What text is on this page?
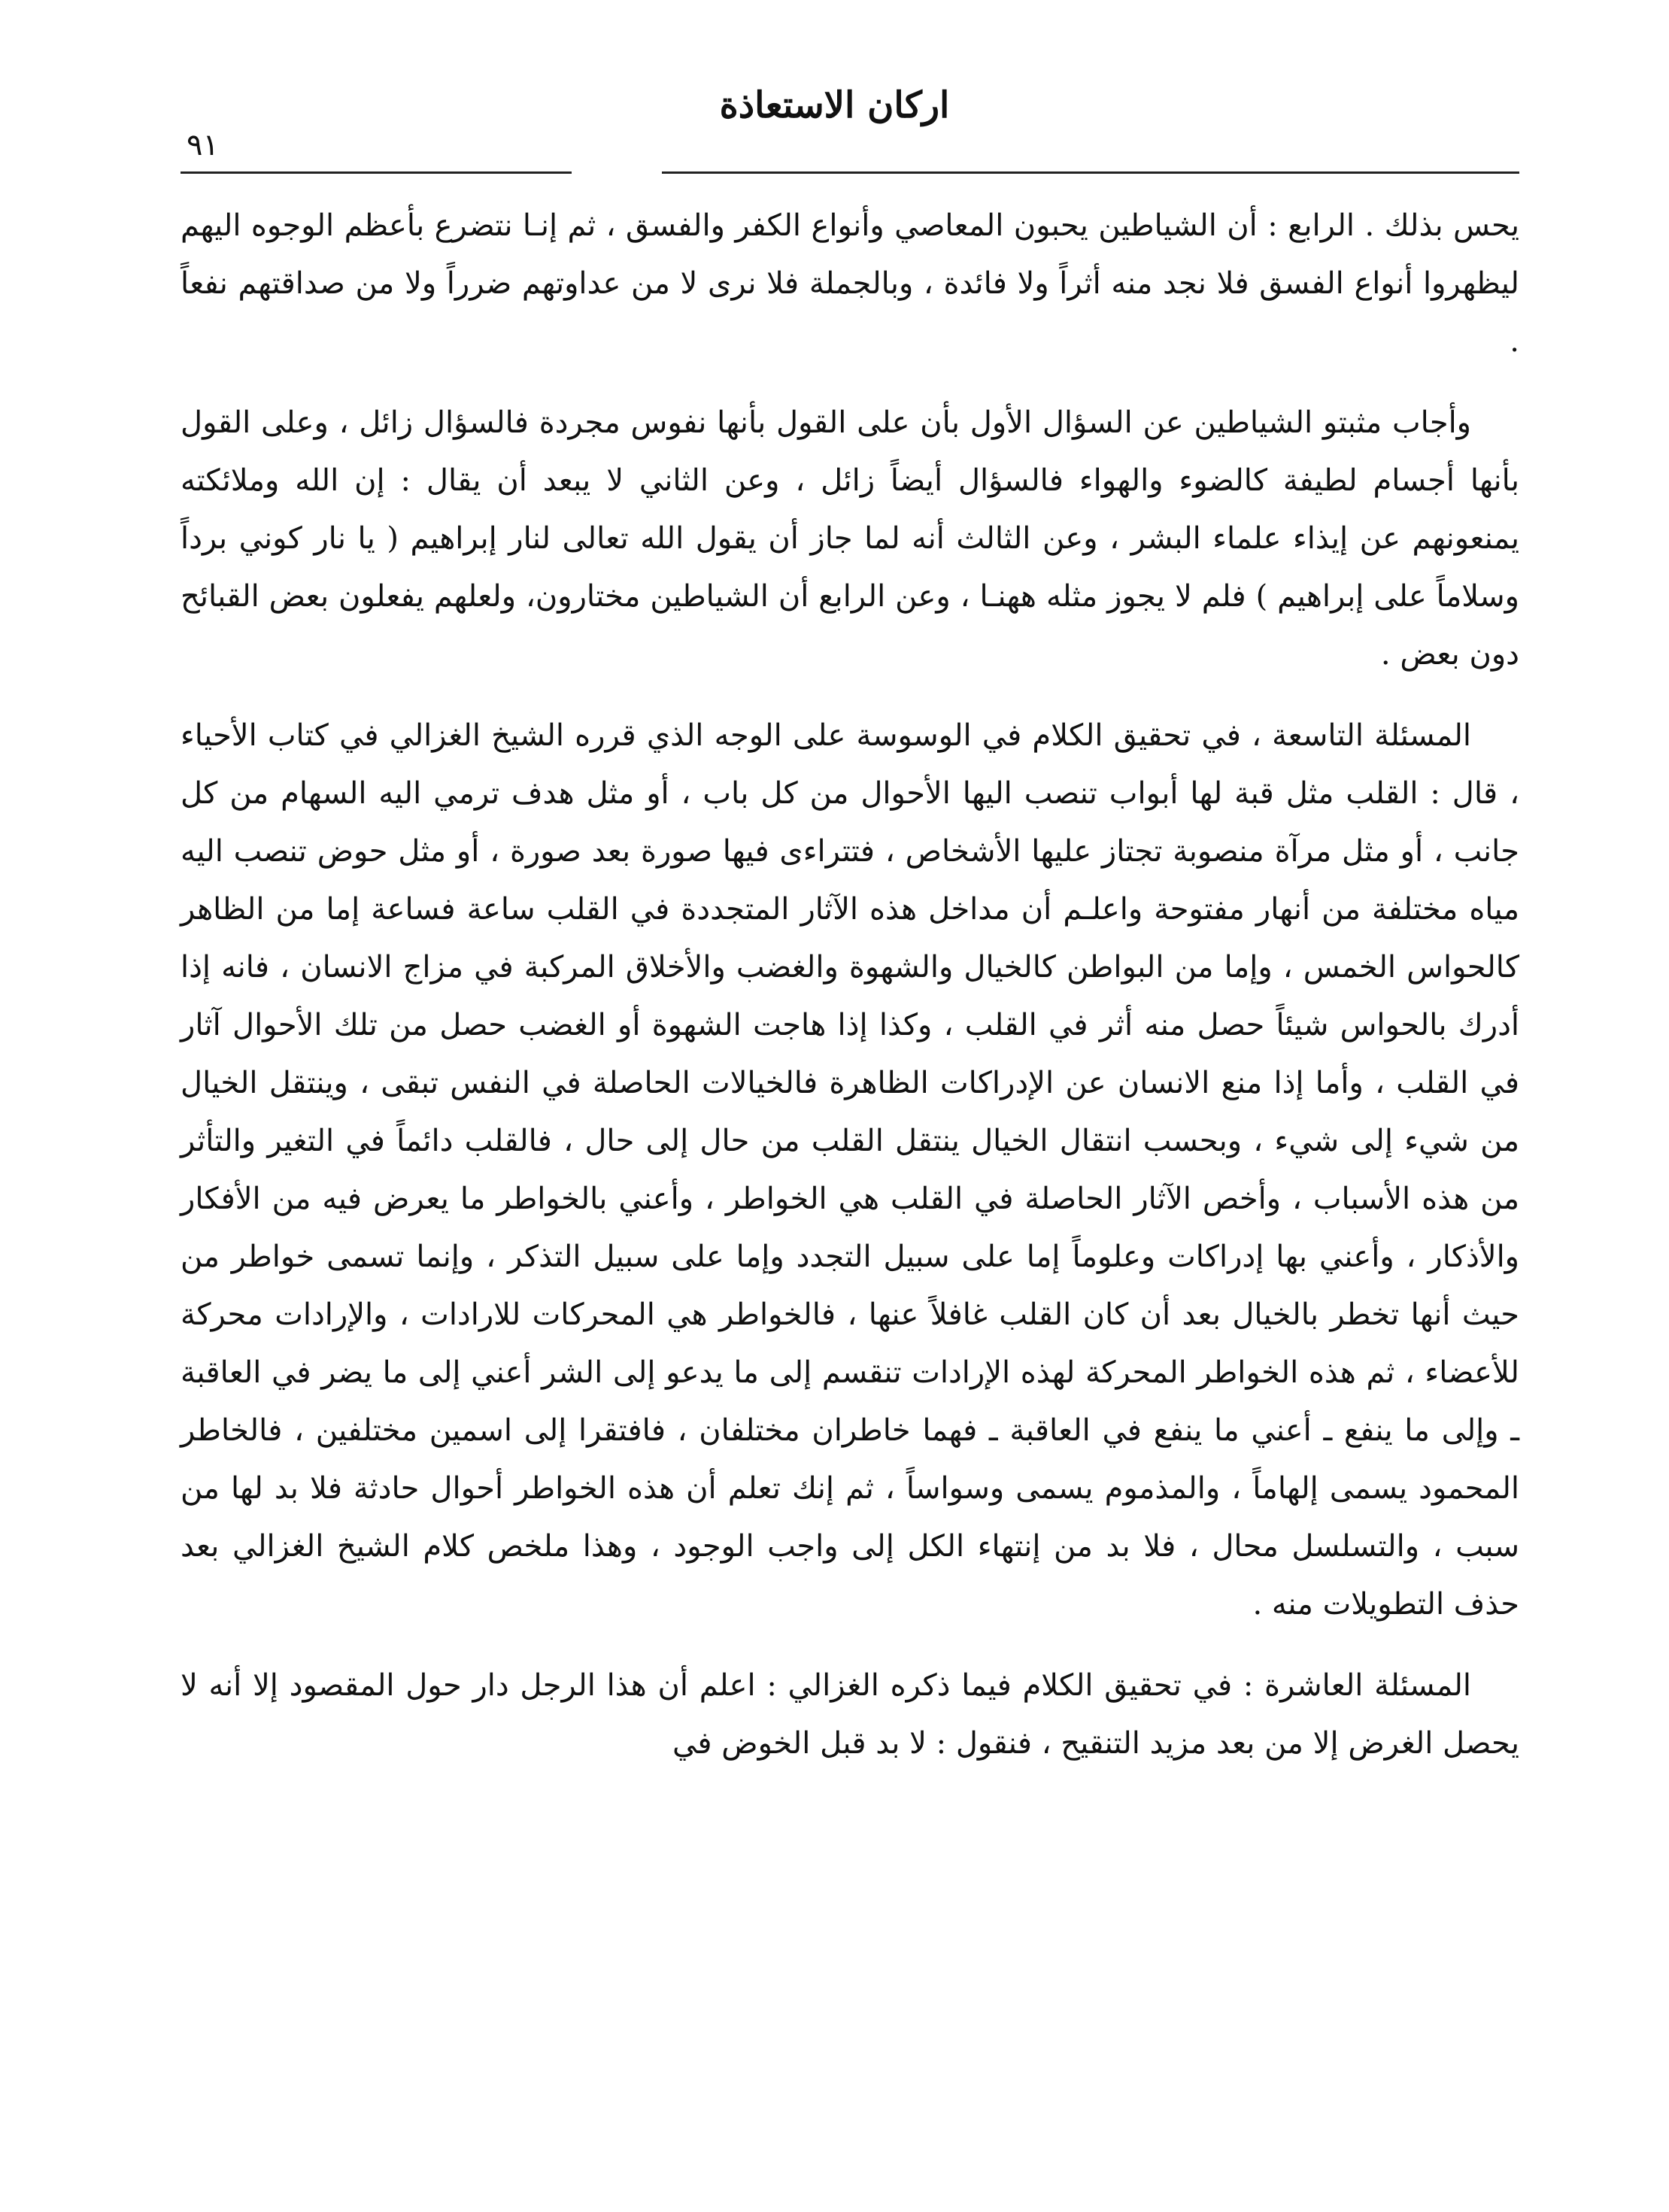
اركان الاستعاذة
٩١

يحس بذلك . الرابع : أن الشياطين يحبون المعاصي وأنواع الكفر والفسق ، ثم إنـا نتضرع بأعظم الوجوه اليهم ليظهروا أنواع الفسق فلا نجد منه أثراً ولا فائدة ، وبالجملة فلا نرى لا من عداوتهم ضرراً ولا من صداقتهم نفعاً .

وأجاب مثبتو الشياطين عن السؤال الأول بأن على القول بأنها نفوس مجردة فالسؤال زائل ، وعلى القول بأنها أجسام لطيفة كالضوء والهواء فالسؤال أيضاً زائل ، وعن الثاني لا يبعد أن يقال : إن الله وملائكته يمنعونهم عن إيذاء علماء البشر ، وعن الثالث أنه لما جاز أن يقول الله تعالى لنار إبراهيم ( يا نار كوني برداً وسلاماً على إبراهيم ) فلم لا يجوز مثله ههنـا ، وعن الرابع أن الشياطين مختارون، ولعلهم يفعلون بعض القبائح دون بعض .

المسئلة التاسعة ، في تحقيق الكلام في الوسوسة على الوجه الذي قرره الشيخ الغزالي في كتاب الأحياء ، قال : القلب مثل قبة لها أبواب تنصب اليها الأحوال من كل باب ، أو مثل هدف ترمي اليه السهام من كل جانب ، أو مثل مرآة منصوبة تجتاز عليها الأشخاص ، فتتراءى فيها صورة بعد صورة ، أو مثل حوض تنصب اليه مياه مختلفة من أنهار مفتوحة واعلـم أن مداخل هذه الآثار المتجددة في القلب ساعة فساعة إما من الظاهر كالحواس الخمس ، وإما من البواطن كالخيال والشهوة والغضب والأخلاق المركبة في مزاج الانسان ، فانه إذا أدرك بالحواس شيئاً حصل منه أثر في القلب ، وكذا إذا هاجت الشهوة أو الغضب حصل من تلك الأحوال آثار في القلب ، وأما إذا منع الانسان عن الإدراكات الظاهرة فالخيالات الحاصلة في النفس تبقى ، وينتقل الخيال من شيء إلى شيء ، وبحسب انتقال الخيال ينتقل القلب من حال إلى حال ، فالقلب دائماً في التغير والتأثر من هذه الأسباب ، وأخص الآثار الحاصلة في القلب هي الخواطر ، وأعني بالخواطر ما يعرض فيه من الأفكار والأذكار ، وأعني بها إدراكات وعلوماً إما على سبيل التجدد وإما على سبيل التذكر ، وإنما تسمى خواطر من حيث أنها تخطر بالخيال بعد أن كان القلب غافلاً عنها ، فالخواطر هي المحركات للارادات ، والإرادات محركة للأعضاء ، ثم هذه الخواطر المحركة لهذه الإرادات تنقسم إلى ما يدعو إلى الشر أعني إلى ما يضر في العاقبة ـ وإلى ما ينفع ـ أعني ما ينفع في العاقبة ـ فهما خاطران مختلفان ، فافتقرا إلى اسمين مختلفين ، فالخاطر المحمود يسمى إلهاماً ، والمذموم يسمى وسواساً ، ثم إنك تعلم أن هذه الخواطر أحوال حادثة فلا بد لها من سبب ، والتسلسل محال ، فلا بد من إنتهاء الكل إلى واجب الوجود ، وهذا ملخص كلام الشيخ الغزالي بعد حذف التطويلات منه .

المسئلة العاشرة : في تحقيق الكلام فيما ذكره الغزالي : اعلم أن هذا الرجل دار حول المقصود إلا أنه لا يحصل الغرض إلا من بعد مزيد التنقيح ، فنقول : لا بد قبل الخوض في
